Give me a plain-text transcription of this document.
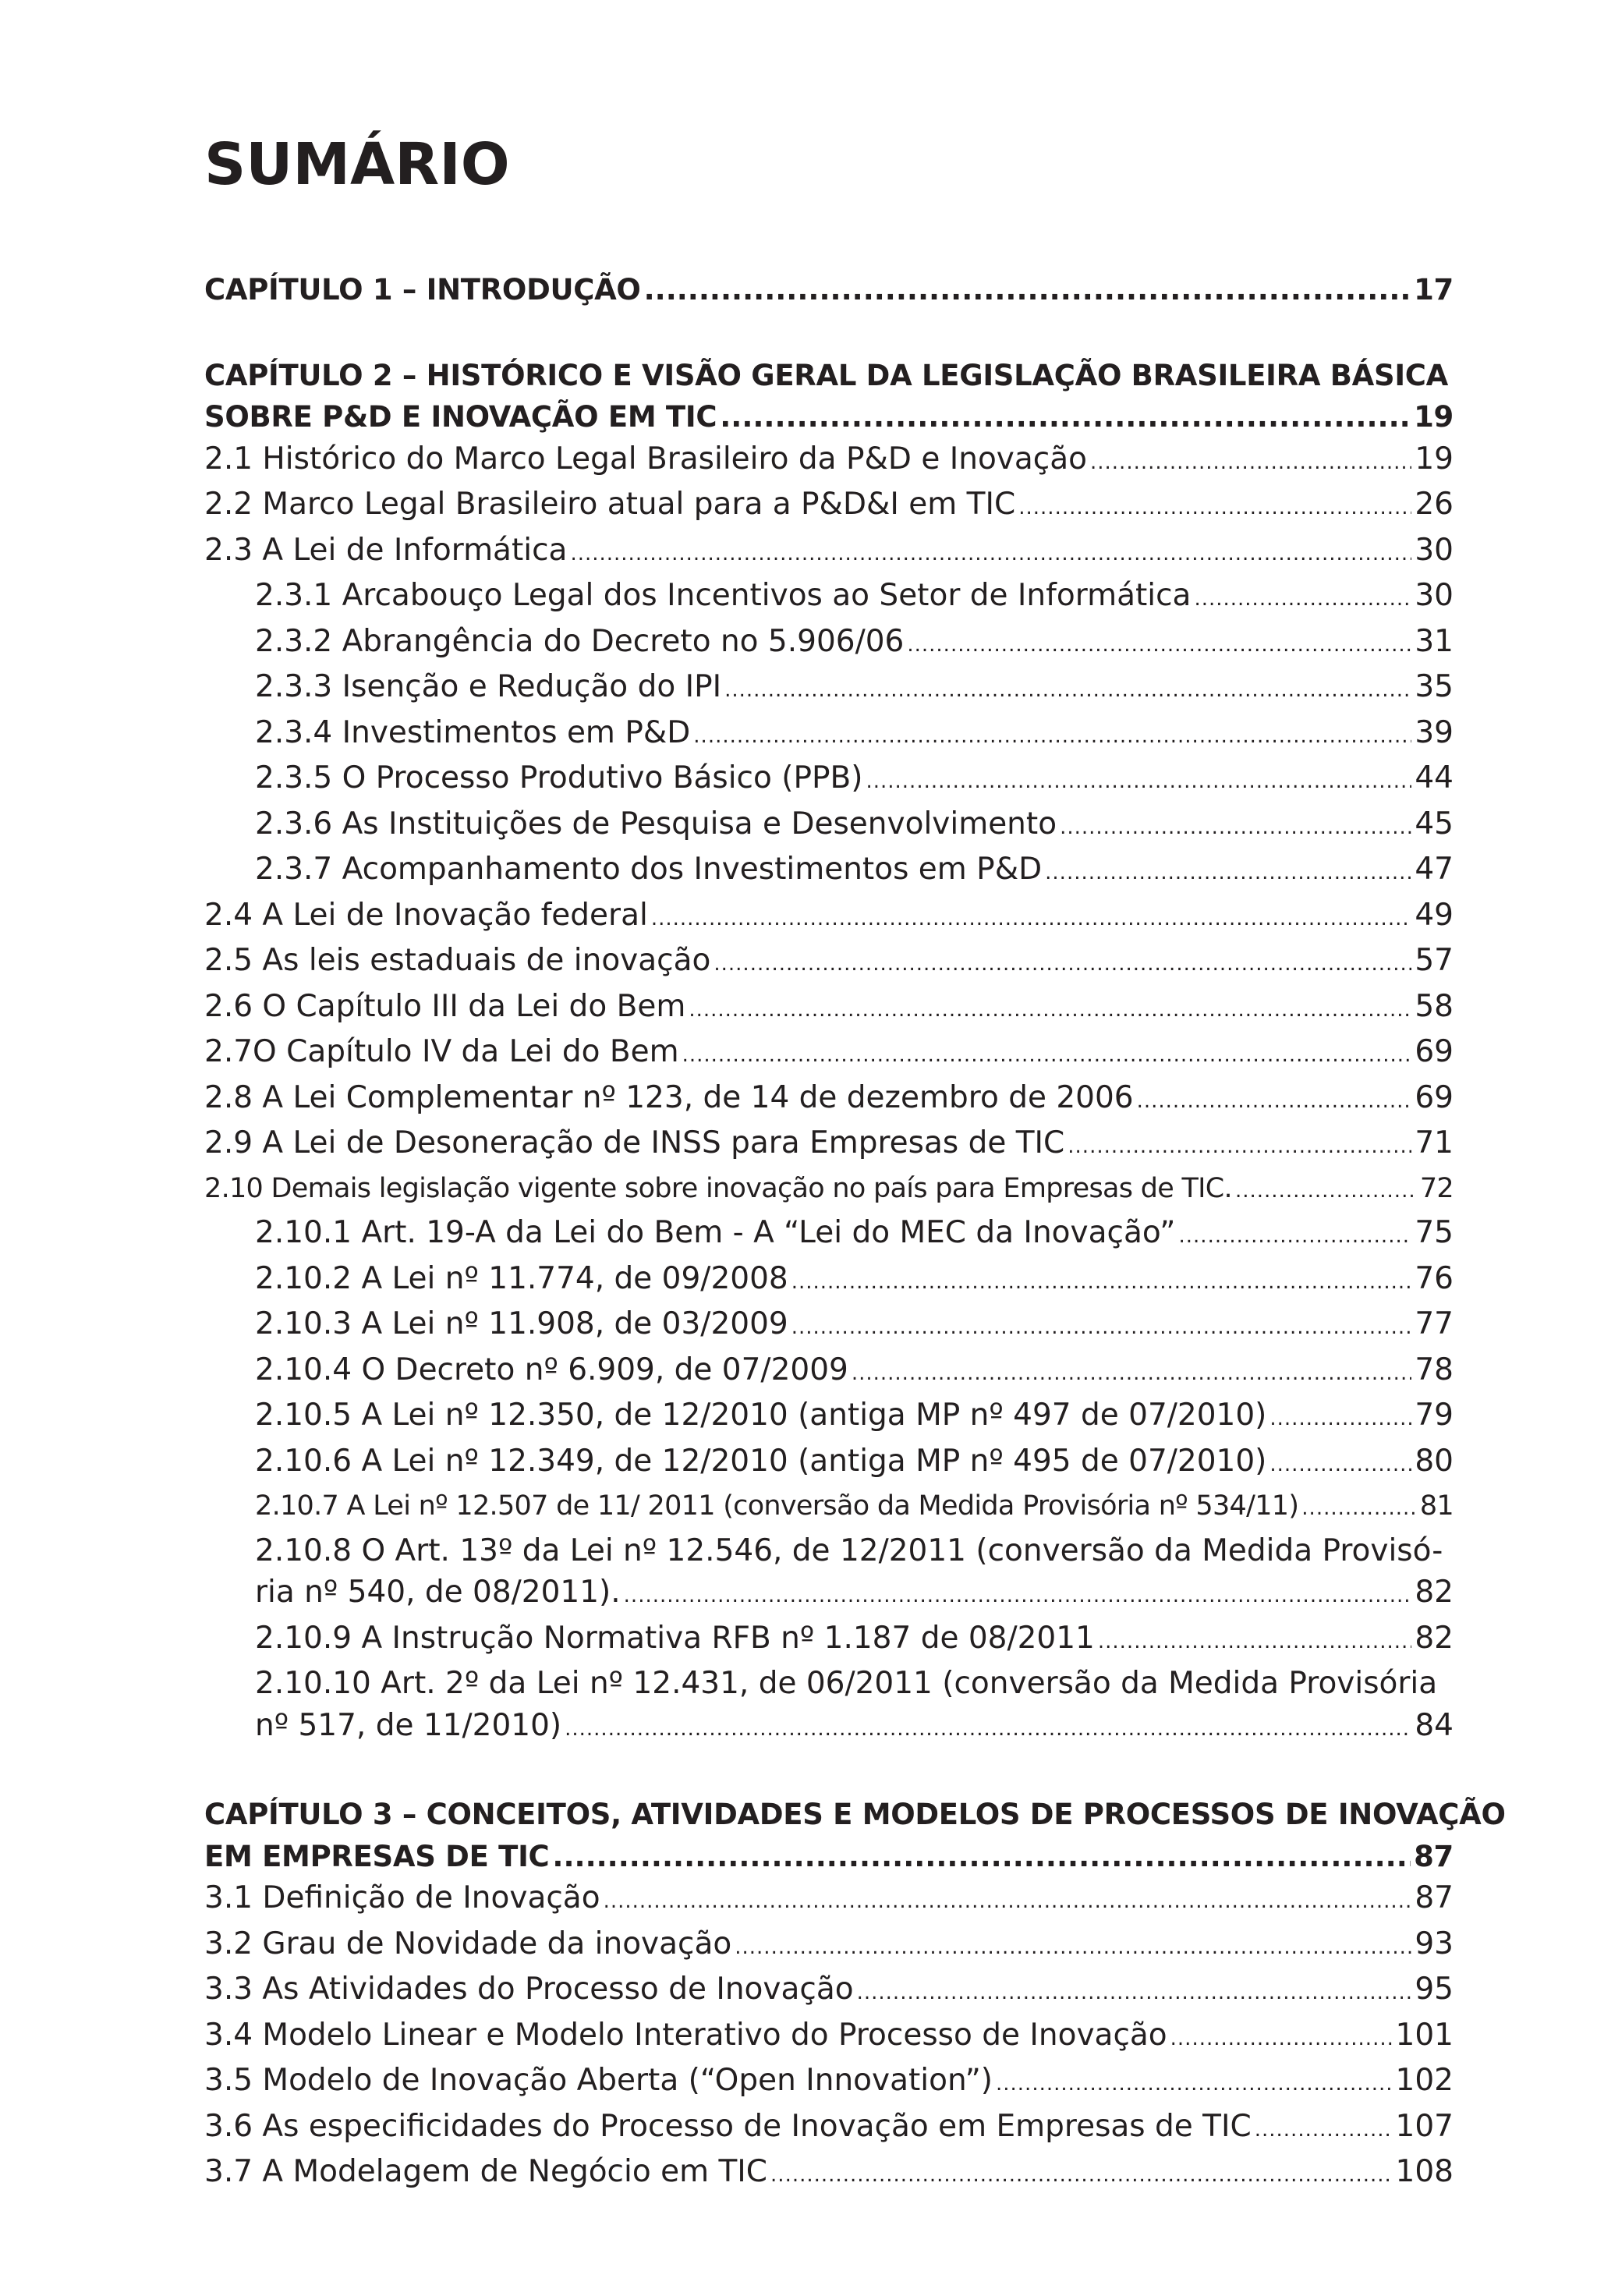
SUMÁRIO
CAPÍTULO 1 – INTRODUÇÃO .....	17
CAPÍTULO 2 – HISTÓRICO E VISÃO GERAL DA LEGISLAÇÃO BRASILEIRA BÁSICA
SOBRE P&D E INOVAÇÃO EM TIC .....	19
2.1 Histórico do Marco Legal Brasileiro da P&D e Inovação .....	19
2.2 Marco Legal Brasileiro atual para a P&D&I em TIC .....	26
2.3 A Lei de Informática .....	30
2.3.1 Arcabouço Legal dos Incentivos ao Setor de Informática .....	30
2.3.2 Abrangência do Decreto no 5.906/06 .....	31
2.3.3 Isenção e Redução do IPI .....	35
2.3.4 Investimentos em P&D .....	39
2.3.5 O Processo Produtivo Básico (PPB) .....	44
2.3.6 As Instituições de Pesquisa e Desenvolvimento .....	45
2.3.7 Acompanhamento dos Investimentos em P&D .....	47
2.4 A Lei de Inovação federal .....	49
2.5 As leis estaduais de inovação .....	57
2.6 O Capítulo III da Lei do Bem .....	58
2.7O Capítulo IV da Lei do Bem .....	69
2.8 A Lei Complementar nº 123, de 14 de dezembro de 2006 .....	69
2.9 A Lei de Desoneração de INSS para Empresas de TIC .....	71
2.10 Demais legislação vigente sobre inovação no país para Empresas de TIC. .....	72
2.10.1 Art. 19-A da Lei do Bem - A “Lei do MEC da Inovação” .....	75
2.10.2 A Lei nº 11.774, de 09/2008 .....	76
2.10.3 A Lei nº 11.908, de 03/2009 .....	77
2.10.4 O Decreto nº 6.909, de 07/2009 .....	78
2.10.5 A Lei nº 12.350, de 12/2010 (antiga MP nº 497 de 07/2010) .....	79
2.10.6 A Lei nº 12.349, de 12/2010 (antiga MP nº 495 de 07/2010) .....	80
2.10.7 A Lei nº 12.507 de 11/ 2011 (conversão da Medida Provisória nº 534/11) .....	81
2.10.8 O Art. 13º da Lei nº 12.546, de 12/2011 (conversão da Medida Provisó-
ria nº 540, de 08/2011). .....	82
2.10.9 A Instrução Normativa RFB nº 1.187 de 08/2011 .....	82
2.10.10 Art. 2º da Lei nº 12.431, de 06/2011 (conversão da Medida Provisória
nº 517, de 11/2010) .....	84
CAPÍTULO 3 – CONCEITOS, ATIVIDADES E MODELOS DE PROCESSOS DE INOVAÇÃO
EM EMPRESAS DE TIC .....	87
3.1 Definição de Inovação .....	87
3.2 Grau de Novidade da inovação .....	93
3.3 As Atividades do Processo de Inovação .....	95
3.4 Modelo Linear e Modelo Interativo do Processo de Inovação .....	101
3.5 Modelo de Inovação Aberta (“Open Innovation”) .....	102
3.6 As especificidades do Processo de Inovação em Empresas de TIC .....	107
3.7 A Modelagem de Negócio em TIC .....	108
